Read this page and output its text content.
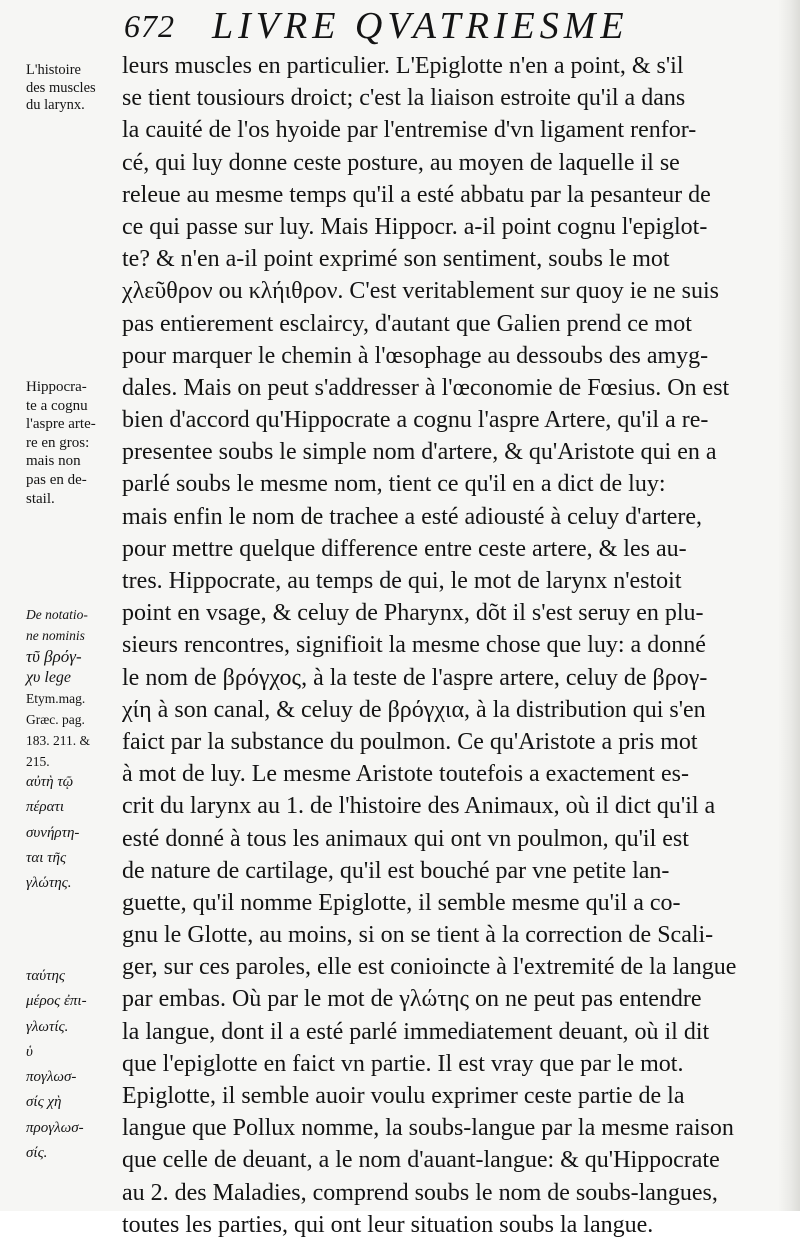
672 LIVRE QVATRIESME
L'histoire
des muscles
du larynx.
Hippocra-
te a cognu
l'aspre arte-
re en gros:
mais non
pas en de-
stail.
De notatio-
ne nominis
τῦ βρόγ-
χυ lege
Etym.mag.
Græc. pag.
183. 211. &
215.
αὐτὴ τῷ
πέρατι
συνήρτη-
ται τῆς
γλώτης.
ταύτης
μέρος ἐπι-
γλωτίς.
ὑ
πογλωσ-
σίς χὴ
προγλωσ-
σίς.
leurs muscles en particulier. L'Epiglotte n'en a point, & s'il
se tient tousiours droict; c'est la liaison estroite qu'il a dans
la cauité de l'os hyoide par l'entremise d'vn ligament renfor-
cé, qui luy donne ceste posture, au moyen de laquelle il se
releue au mesme temps qu'il a esté abbatu par la pesanteur de
ce qui passe sur luy. Mais Hippocr. a-il point cognu l'epiglot-
te? & n'en a-il point exprimé son sentiment, soubs le mot
χλεῦθρον ou κλήιθρον. C'est veritablement sur quoy ie ne suis
pas entierement esclaircy, d'autant que Galien prend ce mot
pour marquer le chemin à l'œsophage au dessoubs des amyg-
dales. Mais on peut s'addresser à l'œconomie de Fœsius. On est
bien d'accord qu'Hippocrate a cognu l'aspre Artere, qu'il a re-
presentee soubs le simple nom d'artere, & qu'Aristote qui en a
parlé soubs le mesme nom, tient ce qu'il en a dict de luy:
mais enfin le nom de trachee a esté adiousté à celuy d'artere,
pour mettre quelque difference entre ceste artere, & les au-
tres. Hippocrate, au temps de qui, le mot de larynx n'estoit
point en vsage, & celuy de Pharynx, dõt il s'est seruy en plu-
sieurs rencontres, signifioit la mesme chose que luy: a donné
le nom de βρόγχος, à la teste de l'aspre artere, celuy de βρογ-
χίη à son canal, & celuy de βρόγχια, à la distribution qui s'en
faict par la substance du poulmon. Ce qu'Aristote a pris mot
à mot de luy. Le mesme Aristote toutefois a exactement es-
crit du larynx au 1. de l'histoire des Animaux, où il dict qu'il a
esté donné à tous les animaux qui ont vn poulmon, qu'il est
de nature de cartilage, qu'il est bouché par vne petite lan-
guette, qu'il nomme Epiglotte, il semble mesme qu'il a co-
gnu le Glotte, au moins, si on se tient à la correction de Scali-
ger, sur ces paroles, elle est conioincte à l'extremité de la langue
par embas. Où par le mot de γλώτης on ne peut pas entendre
la langue, dont il a esté parlé immediatement deuant, où il dit
que l'epiglotte en faict vn partie. Il est vray que par le mot.
Epiglotte, il semble auoir voulu exprimer ceste partie de la
langue que Pollux nomme, la soubs-langue par la mesme raison
que celle de deuant, a le nom d'auant-langue: & qu'Hippocrate
au 2. des Maladies, comprend soubs le nom de soubs-langues,
toutes les parties, qui ont leur situation soubs la langue.
